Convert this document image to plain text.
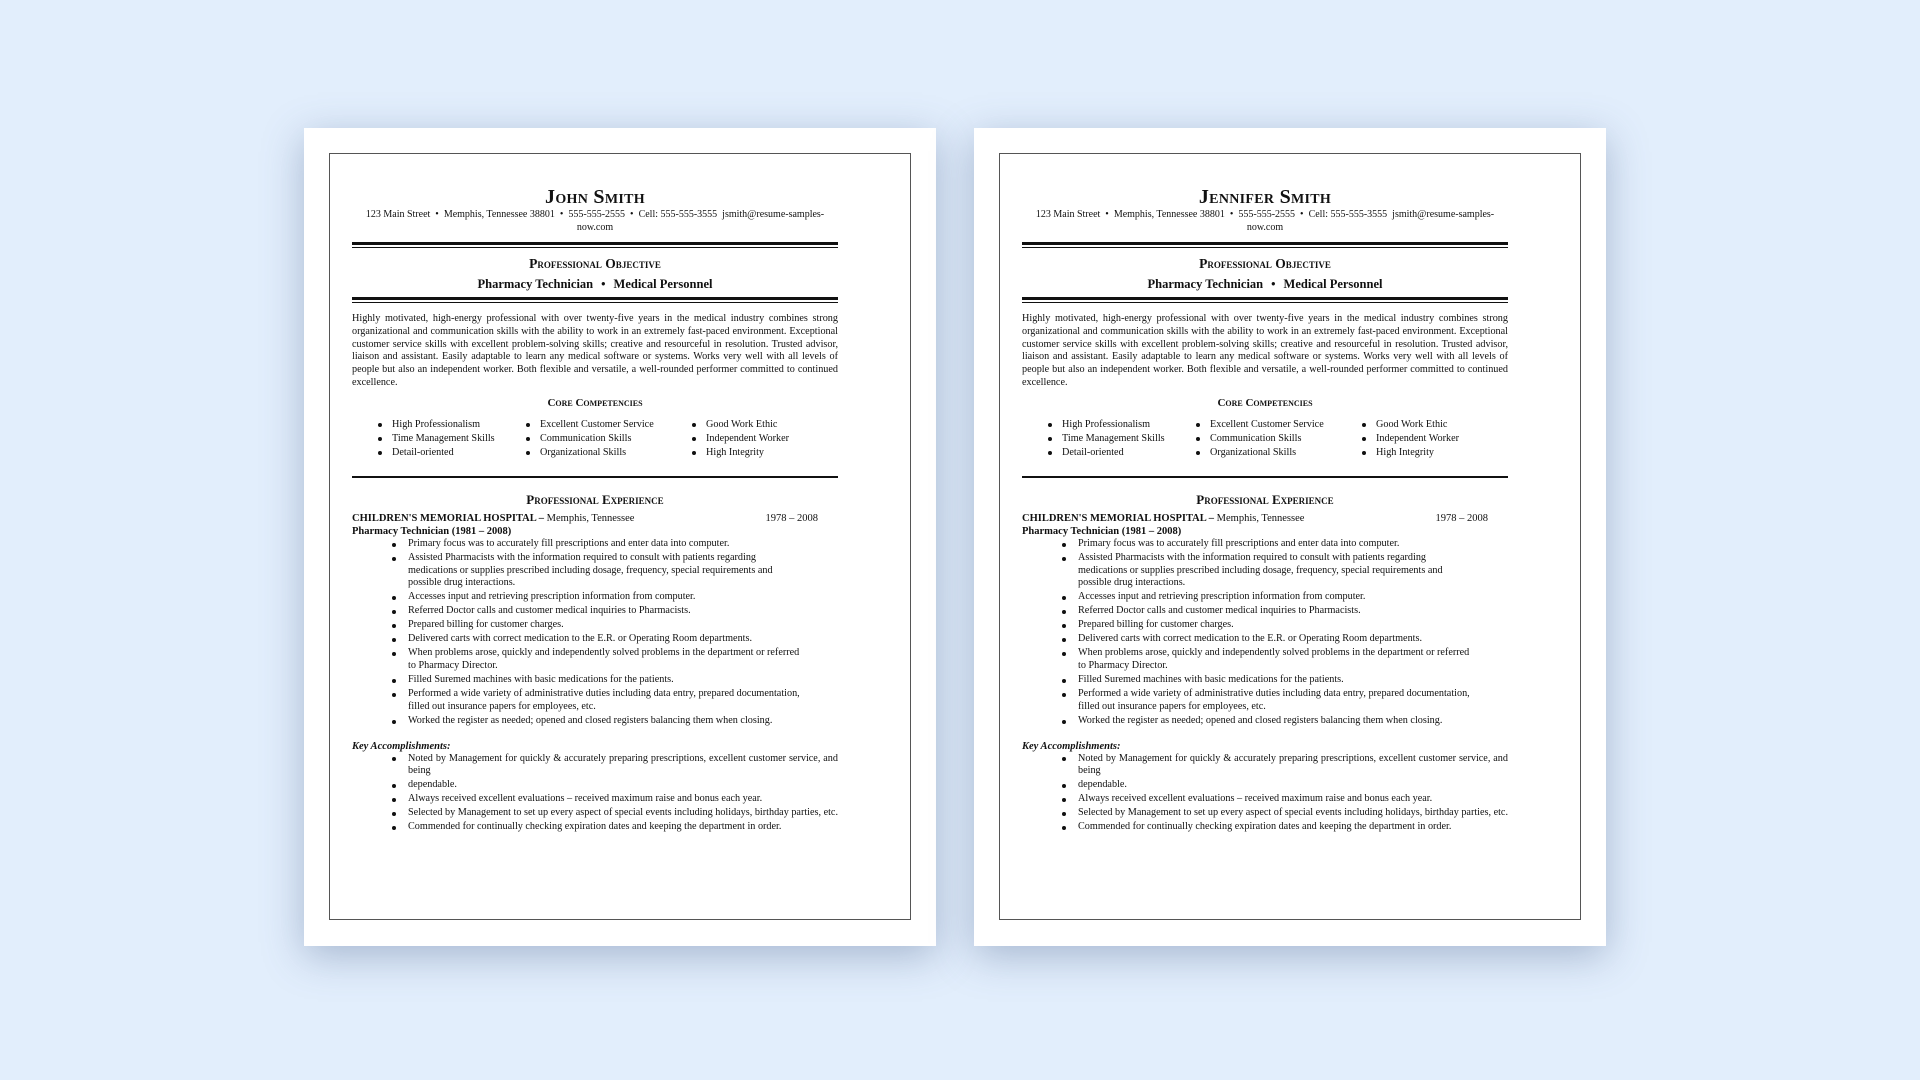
John Smith
123 Main Street • Memphis, Tennessee 38801 • 555-555-2555 • Cell: 555-555-3555 jsmith@resume-samples-now.com
Professional Objective
Pharmacy Technician • Medical Personnel
Highly motivated, high-energy professional with over twenty-five years in the medical industry combines strong organizational and communication skills with the ability to work in an extremely fast-paced environment. Exceptional customer service skills with excellent problem-solving skills; creative and resourceful in resolution. Trusted advisor, liaison and assistant. Easily adaptable to learn any medical software or systems. Works very well with all levels of people but also an independent worker. Both flexible and versatile, a well-rounded performer committed to continued excellence.
Core Competencies
High Professionalism
Time Management Skills
Detail-oriented
Excellent Customer Service
Communication Skills
Organizational Skills
Good Work Ethic
Independent Worker
High Integrity
Professional Experience
CHILDREN'S MEMORIAL HOSPITAL – Memphis, Tennessee	1978 – 2008
Pharmacy Technician (1981 – 2008)
Primary focus was to accurately fill prescriptions and enter data into computer.
Assisted Pharmacists with the information required to consult with patients regarding medications or supplies prescribed including dosage, frequency, special requirements and possible drug interactions.
Accesses input and retrieving prescription information from computer.
Referred Doctor calls and customer medical inquiries to Pharmacists.
Prepared billing for customer charges.
Delivered carts with correct medication to the E.R. or Operating Room departments.
When problems arose, quickly and independently solved problems in the department or referred to Pharmacy Director.
Filled Suremed machines with basic medications for the patients.
Performed a wide variety of administrative duties including data entry, prepared documentation, filled out insurance papers for employees, etc.
Worked the register as needed; opened and closed registers balancing them when closing.
Key Accomplishments:
Noted by Management for quickly & accurately preparing prescriptions, excellent customer service, and being
dependable.
Always received excellent evaluations – received maximum raise and bonus each year.
Selected by Management to set up every aspect of special events including holidays, birthday parties, etc.
Commended for continually checking expiration dates and keeping the department in order.
Jennifer Smith
123 Main Street • Memphis, Tennessee 38801 • 555-555-2555 • Cell: 555-555-3555 jsmith@resume-samples-now.com
Professional Objective
Pharmacy Technician • Medical Personnel
Highly motivated, high-energy professional with over twenty-five years in the medical industry combines strong organizational and communication skills with the ability to work in an extremely fast-paced environment. Exceptional customer service skills with excellent problem-solving skills; creative and resourceful in resolution. Trusted advisor, liaison and assistant. Easily adaptable to learn any medical software or systems. Works very well with all levels of people but also an independent worker. Both flexible and versatile, a well-rounded performer committed to continued excellence.
Core Competencies
High Professionalism
Time Management Skills
Detail-oriented
Excellent Customer Service
Communication Skills
Organizational Skills
Good Work Ethic
Independent Worker
High Integrity
Professional Experience
CHILDREN'S MEMORIAL HOSPITAL – Memphis, Tennessee	1978 – 2008
Pharmacy Technician (1981 – 2008)
Primary focus was to accurately fill prescriptions and enter data into computer.
Assisted Pharmacists with the information required to consult with patients regarding medications or supplies prescribed including dosage, frequency, special requirements and possible drug interactions.
Accesses input and retrieving prescription information from computer.
Referred Doctor calls and customer medical inquiries to Pharmacists.
Prepared billing for customer charges.
Delivered carts with correct medication to the E.R. or Operating Room departments.
When problems arose, quickly and independently solved problems in the department or referred to Pharmacy Director.
Filled Suremed machines with basic medications for the patients.
Performed a wide variety of administrative duties including data entry, prepared documentation, filled out insurance papers for employees, etc.
Worked the register as needed; opened and closed registers balancing them when closing.
Key Accomplishments:
Noted by Management for quickly & accurately preparing prescriptions, excellent customer service, and being
dependable.
Always received excellent evaluations – received maximum raise and bonus each year.
Selected by Management to set up every aspect of special events including holidays, birthday parties, etc.
Commended for continually checking expiration dates and keeping the department in order.
